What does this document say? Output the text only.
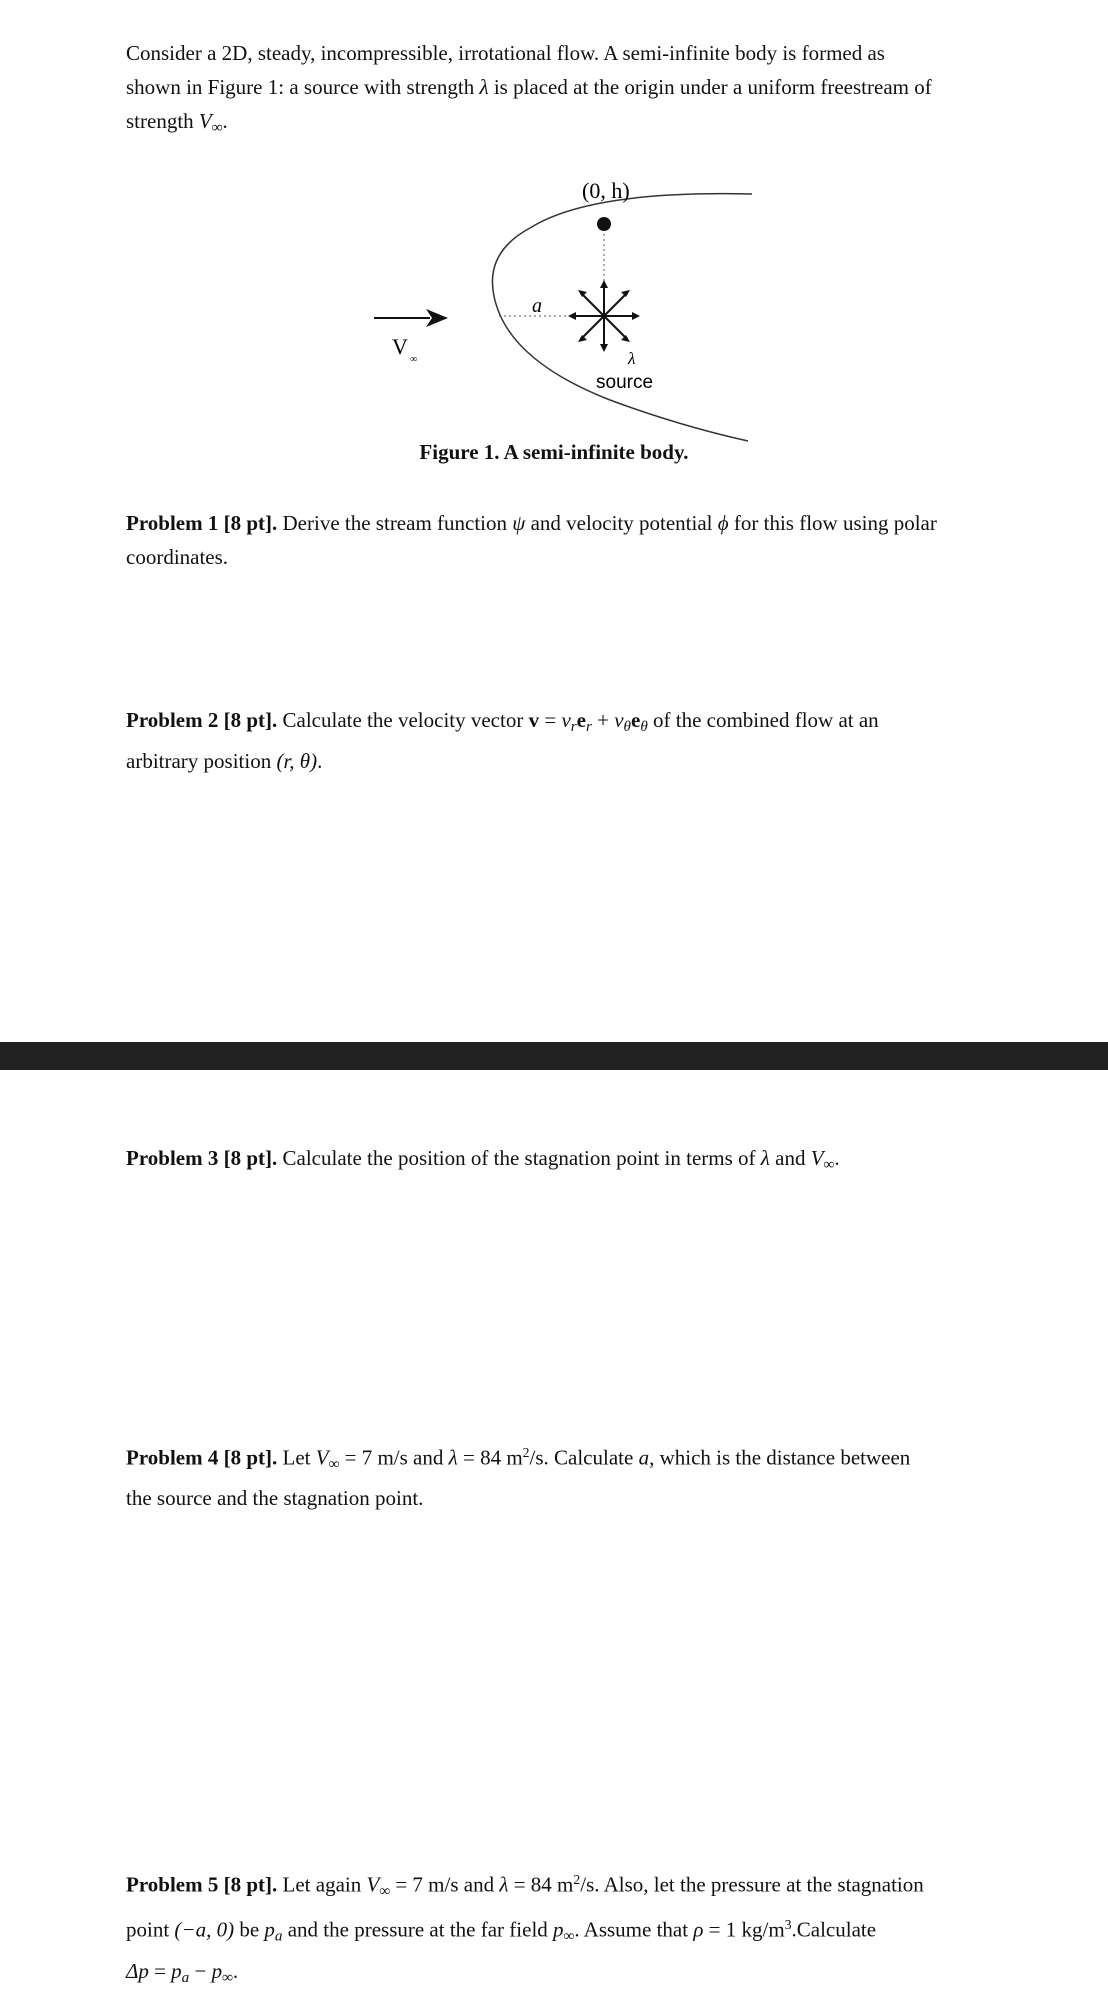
Consider a 2D, steady, incompressible, irrotational flow. A semi-infinite body is formed as
shown in Figure 1: a source with strength λ is placed at the origin under a uniform freestream of
strength $V_\infty$.
(0, h)
a
λ
source
V
∞
Figure 1. A semi-infinite body.
Problem 1 [8 pt]. Derive the stream function ψ and velocity potential ϕ for this flow using polar
coordinates.
Problem 2 [8 pt]. Calculate the velocity vector $v = v_re_r + v_\theta e_\theta$ of the combined flow at an
arbitrary position (r, θ).
Problem 3 [8 pt]. Calculate the position of the stagnation point in terms of λ and $V_\infty$.
Problem 4 [8 pt]. Let $V_\infty = 7$ m/s and λ = 84 $m^2/s$. Calculate a, which is the distance between
the source and the stagnation point.
Problem 5 [8 pt]. Let again $V_\infty = 7$ m/s and λ = 84 $m^2/s$. Also, let the pressure at the stagnation
point (−a, 0) be $p_a$ and the pressure at the far field $p_\infty$. Assume that ρ = 1 $kg/m^3.Calculate$
$\Delta p = p_a - p_\infty$.
